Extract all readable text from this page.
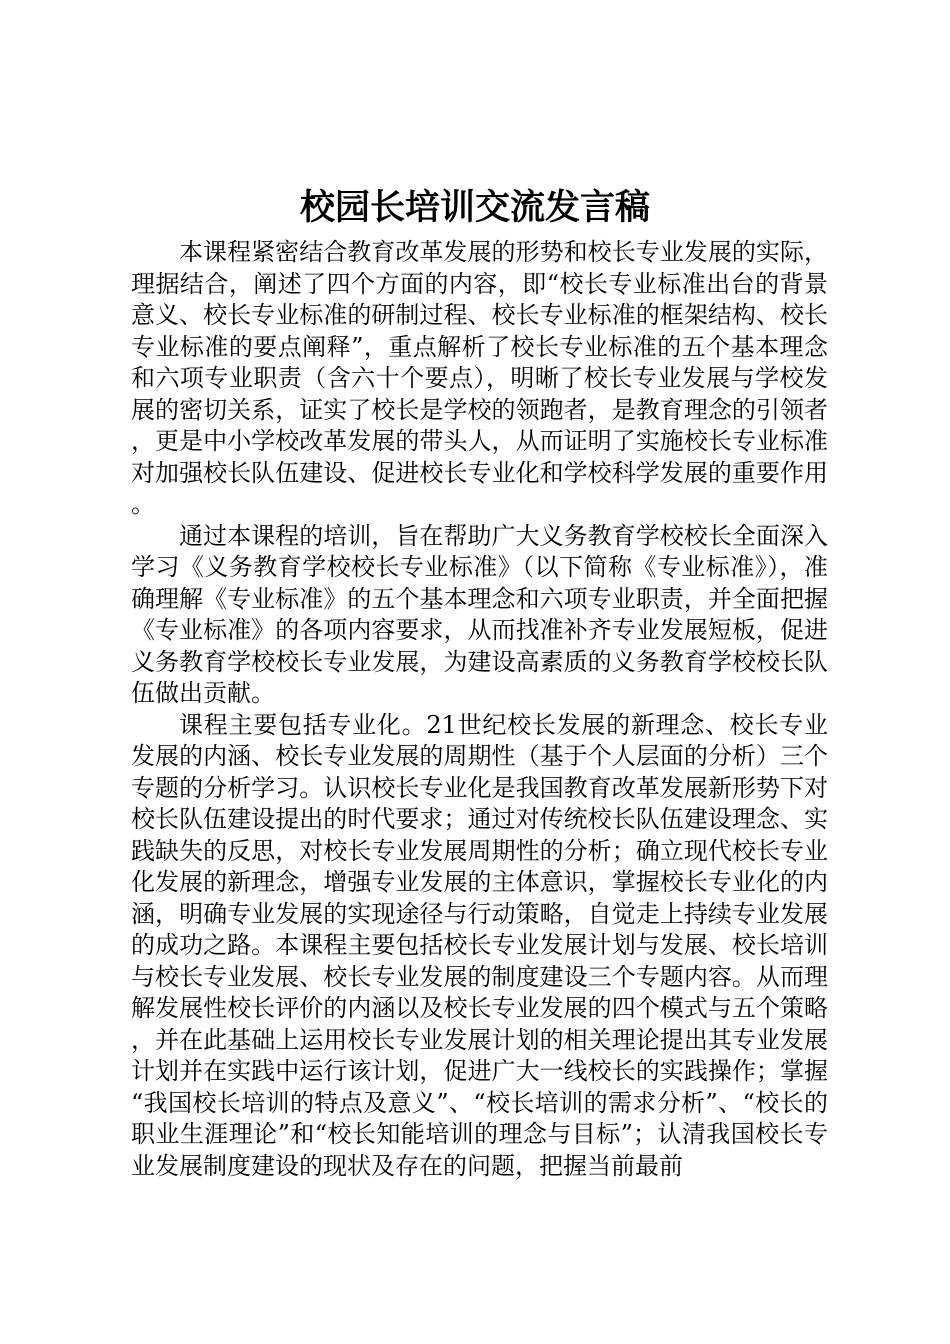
校园长培训交流发言稿

本课程紧密结合教育改革发展的形势和校长专业发展的实际，理据结合，阐述了四个方面的内容，即“校长专业标准出台的背景意义、校长专业标准的研制过程、校长专业标准的框架结构、校长专业标准的要点阐释”，重点解析了校长专业标准的五个基本理念和六项专业职责（含六十个要点），明晰了校长专业发展与学校发展的密切关系，证实了校长是学校的领跑者，是教育理念的引领者，更是中小学校改革发展的带头人，从而证明了实施校长专业标准对加强校长队伍建设、促进校长专业化和学校科学发展的重要作用。

通过本课程的培训，旨在帮助广大义务教育学校校长全面深入学习《义务教育学校校长专业标准》（以下简称《专业标准》），准确理解《专业标准》的五个基本理念和六项专业职责，并全面把握《专业标准》的各项内容要求，从而找准补齐专业发展短板，促进义务教育学校校长专业发展，为建设高素质的义务教育学校校长队伍做出贡献。

课程主要包括专业化。21世纪校长发展的新理念、校长专业发展的内涵、校长专业发展的周期性（基于个人层面的分析）三个专题的分析学习。认识校长专业化是我国教育改革发展新形势下对校长队伍建设提出的时代要求；通过对传统校长队伍建设理念、实践缺失的反思，对校长专业发展周期性的分析；确立现代校长专业化发展的新理念，增强专业发展的主体意识，掌握校长专业化的内涵，明确专业发展的实现途径与行动策略，自觉走上持续专业发展的成功之路。本课程主要包括校长专业发展计划与发展、校长培训与校长专业发展、校长专业发展的制度建设三个专题内容。从而理解发展性校长评价的内涵以及校长专业发展的四个模式与五个策略，并在此基础上运用校长专业发展计划的相关理论提出其专业发展计划并在实践中运行该计划，促进广大一线校长的实践操作；掌握“我国校长培训的特点及意义”、“校长培训的需求分析”、“校长的职业生涯理论”和“校长知能培训的理念与目标”；认清我国校长专业发展制度建设的现状及存在的问题，把握当前最前
